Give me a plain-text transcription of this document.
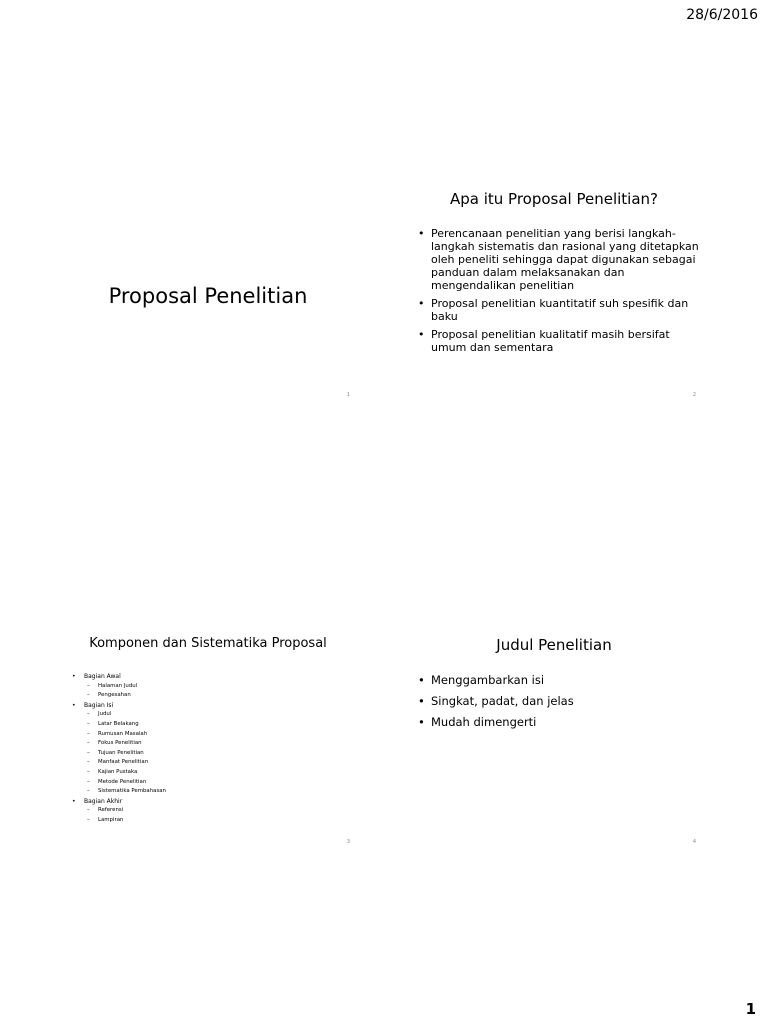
28/6/2016
Proposal Penelitian
1
Apa itu Proposal Penelitian?
• Perencanaan penelitian yang berisi langkah-langkah sistematis dan rasional yang ditetapkan oleh peneliti sehingga dapat digunakan sebagai panduan dalam melaksanakan dan mengendalikan penelitian
• Proposal penelitian kuantitatif suh spesifik dan baku
• Proposal penelitian kualitatif masih bersifat umum dan sementara
2
Komponen dan Sistematika Proposal
• Bagian Awal
– Halaman Judul
– Pengesahan
• Bagian Isi
– Judul
– Latar Belakang
– Rumusan Masalah
– Fokus Penelitian
– Tujuan Penelitian
– Manfaat Penelitian
– Kajian Pustaka
– Metode Penelitian
– Sistematika Pembahasan
• Bagian Akhir
– Referensi
– Lampiran
3
Judul Penelitian
• Menggambarkan isi
• Singkat, padat, dan jelas
• Mudah dimengerti
4
1
